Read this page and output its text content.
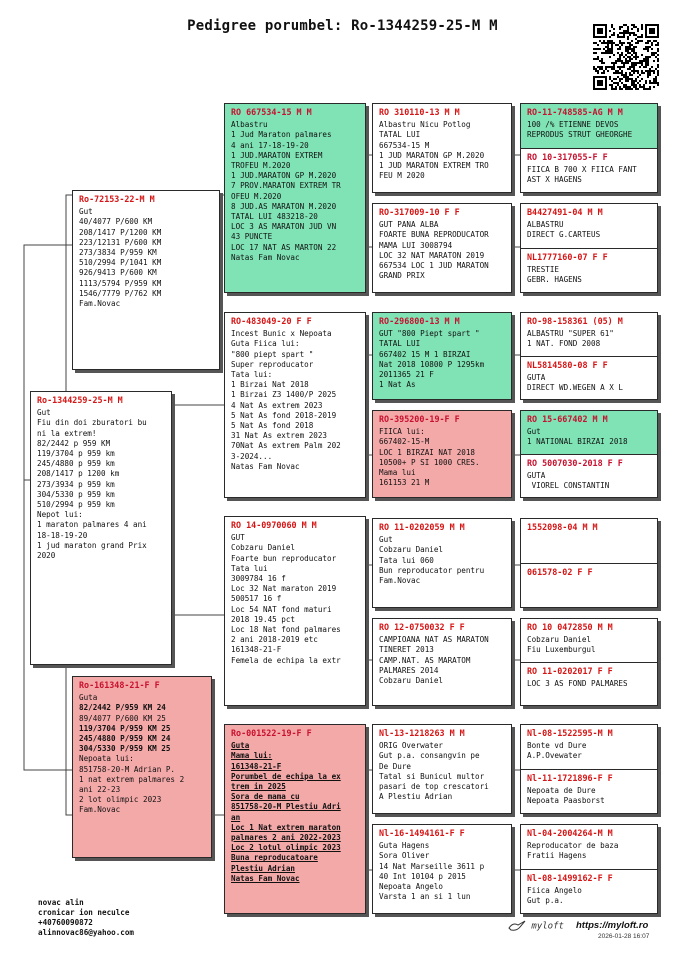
Pedigree porumbel: Ro-1344259-25-M M
Ro-1344259-25-M M
Gut
Fiu din doi zburatori bu
ni la extrem!
82/2442 p 959 KM
119/3704 p 959 km
245/4880 p 959 km
208/1417 p 1200 km
273/3934 p 959 km
304/5330 p 959 km
510/2994 p 959 km
Nepot lui:
1 maraton palmares 4 ani
18-18-19-20
1 jud maraton grand Prix
2020
Ro-72153-22-M M
Gut
40/4077 P/600 KM
208/1417 P/1200 KM
223/12131 P/600 KM
273/3834 P/959 KM
510/2994 P/1041 KM
926/9413 P/600 KM
1113/5794 P/959 KM
1546/7779 P/762 KM
Fam.Novac
Ro-161348-21-F F
Guta
82/2442 P/959 KM 24
89/4077 P/600 KM 25
119/3704 P/959 KM 25
245/4880 P/959 KM 24
304/5330 P/959 KM 25
Nepoata lui:
851758-20-M Adrian P.
1 nat extrem palmares 2
ani 22-23
2 lot olimpic 2023
Fam.Novac
RO 667534-15 M M
Albastru
1 Jud Maraton palmares
4 ani 17-18-19-20
1 JUD.MARATON EXTREM
TROFEU M.2020
1 JUD.MARATON GP M.2020
7 PROV.MARATON EXTREM TR
OFEU M.2020
8 JUD.AS MARATON M.2020
TATAL LUI 483218-20
LOC 3 AS MARATON JUD VN
43 PUNCTE
LOC 17 NAT AS MARTON 22
Natas Fam Novac
RO-483049-20 F F
Incest Bunic x Nepoata
Guta Fiica lui:
"800 piept spart "
Super reproducator
Tata lui:
1 Birzai Nat 2018
1 Birzai Z3 1400/P 2025
4 Nat As extrem 2023
5 Nat As fond 2018-2019
5 Nat As fond 2018
31 Nat As extrem 2023
70Nat As extrem Palm 202
3-2024...
Natas Fam Novac
RO 14-0970060 M M
GUT
Cobzaru Daniel
Foarte bun reproducator
Tata lui
3009784 16 f
Loc 32 Nat maraton 2019
500517 16 f
Loc 54 NAT fond maturi
2018 19.45 pct
Loc 18 Nat fond palmares
2 ani 2018-2019 etc
161348-21-F
Femela de echipa la extr
Ro-001522-19-F F
Guta
Mama lui:
161348-21-F
Porumbel de echipa la ex
trem in 2025
Sora de mama cu
851758-20-M Plestiu Adri
an
Loc 1 Nat extrem maraton
palmares 2 ani 2022-2023
Loc 2 lotul olimpic 2023
Buna reproducatoare
Plestiu Adrian
Natas Fam Novac
RO 310110-13 M M
Albastru Nicu Potlog
TATAL LUI
667534-15 M
1 JUD MARATON GP M.2020
1 JUD MARATON EXTREM TRO
FEU M 2020
RO-317009-10 F F
GUT PANA ALBA
FOARTE BUNA REPRODUCATOR
MAMA LUI 3008794
LOC 32 NAT MARATON 2019
667534 LOC 1 JUD MARATON
GRAND PRIX
RO-296800-13 M M
GUT "800 Piept spart "
TATAL LUI
667402 15 M 1 BIRZAI
Nat 2018 10800 P 1295km
2011365 21 F
1 Nat As
RO-395200-19-F F
FIICA lui:
667402-15-M
LOC 1 BIRZAI NAT 2018
10500+ P SI 1000 CRES.
Mama lui
161153 21 M
RO 11-0202059 M M
Gut
Cobzaru Daniel
Tata lui 060
Bun reproducator pentru
Fam.Novac
RO 12-0750032 F F
CAMPIOANA NAT AS MARATON
TINERET 2013
CAMP.NAT. AS MARATOM
PALMARES 2014
Cobzaru Daniel
Nl-13-1218263 M M
ORIG Overwater
Gut p.a. consangvin pe
De Dure
Tatal si Bunicul multor
pasari de top crescatori
A Plestiu Adrian
Nl-16-1494161-F F
Guta Hagens
Sora Oliver
14 Nat Marseille 3611 p
40 Int 10104 p 2015
Nepoata Angelo
Varsta 1 an si 1 lun
RO-11-748585-AG M M
100 /% ETIENNE DEVOS
REPRODUS STRUT GHEORGHE
RO 10-317055-F F
FIICA B 700 X FIICA FANT
AST X HAGENS
B4427491-04 M M
ALBASTRU
DIRECT G.CARTEUS
NL1777160-07 F F
TRESTIE
GEBR. HAGENS
RO-98-158361 (05) M
ALBASTRU "SUPER 61"
1 NAT. FOND 2008
NL5814580-08 F F
GUTA
DIRECT WD.WEGEN A X L
RO 15-667402 M M
Gut
1 NATIONAL BIRZAI 2018
RO 5007030-2018 F F
GUTA
VIOREL CONSTANTIN
1552098-04 M M
061578-02 F F
RO 10 0472850 M M
Cobzaru Daniel
Fiu Luxemburgul
RO 11-0202017 F F
LOC 3 AS FOND PALMARES
Nl-08-1522595-M M
Bonte vd Dure
A.P.Ovewater
Nl-11-1721896-F F
Nepoata de Dure
Nepoata Paasborst
Nl-04-2004264-M M
Reproducator de baza
Fratii Hagens
Nl-08-1499162-F F
Fiica Angelo
Gut p.a.
novac alin
cronicar ion neculce
+40760090872
alinnovac86@yahoo.com
myloft https://myloft.ro
2026-01-28 16:07
